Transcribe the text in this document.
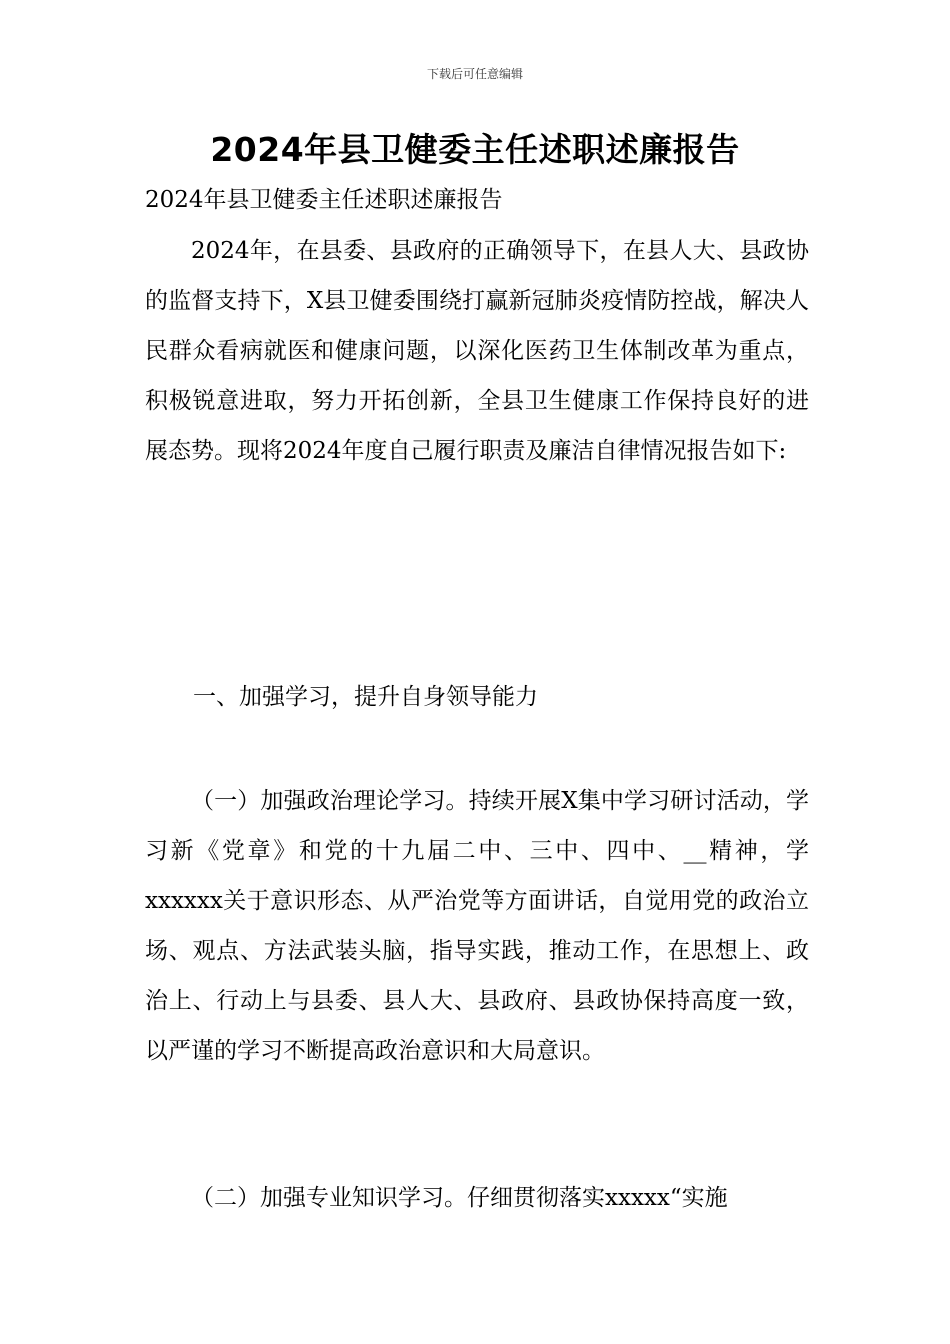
下载后可任意编辑
2024年县卫健委主任述职述廉报告
2024年县卫健委主任述职述廉报告
2024年，在县委、县政府的正确领导下，在县人大、县政协的监督支持下，X县卫健委围绕打赢新冠肺炎疫情防控战，解决人民群众看病就医和健康问题，以深化医药卫生体制改革为重点，积极锐意进取，努力开拓创新，全县卫生健康工作保持良好的进展态势。现将2024年度自己履行职责及廉洁自律情况报告如下:
一、加强学习，提升自身领导能力
（一）加强政治理论学习。持续开展X集中学习研讨活动，学习新《党章》和党的十九届二中、三中、四中、__精神，学xxxxxx关于意识形态、从严治党等方面讲话，自觉用党的政治立场、观点、方法武装头脑，指导实践，推动工作，在思想上、政治上、行动上与县委、县人大、县政府、县政协保持高度一致，以严谨的学习不断提高政治意识和大局意识。
（二）加强专业知识学习。仔细贯彻落实xxxxx“实施
